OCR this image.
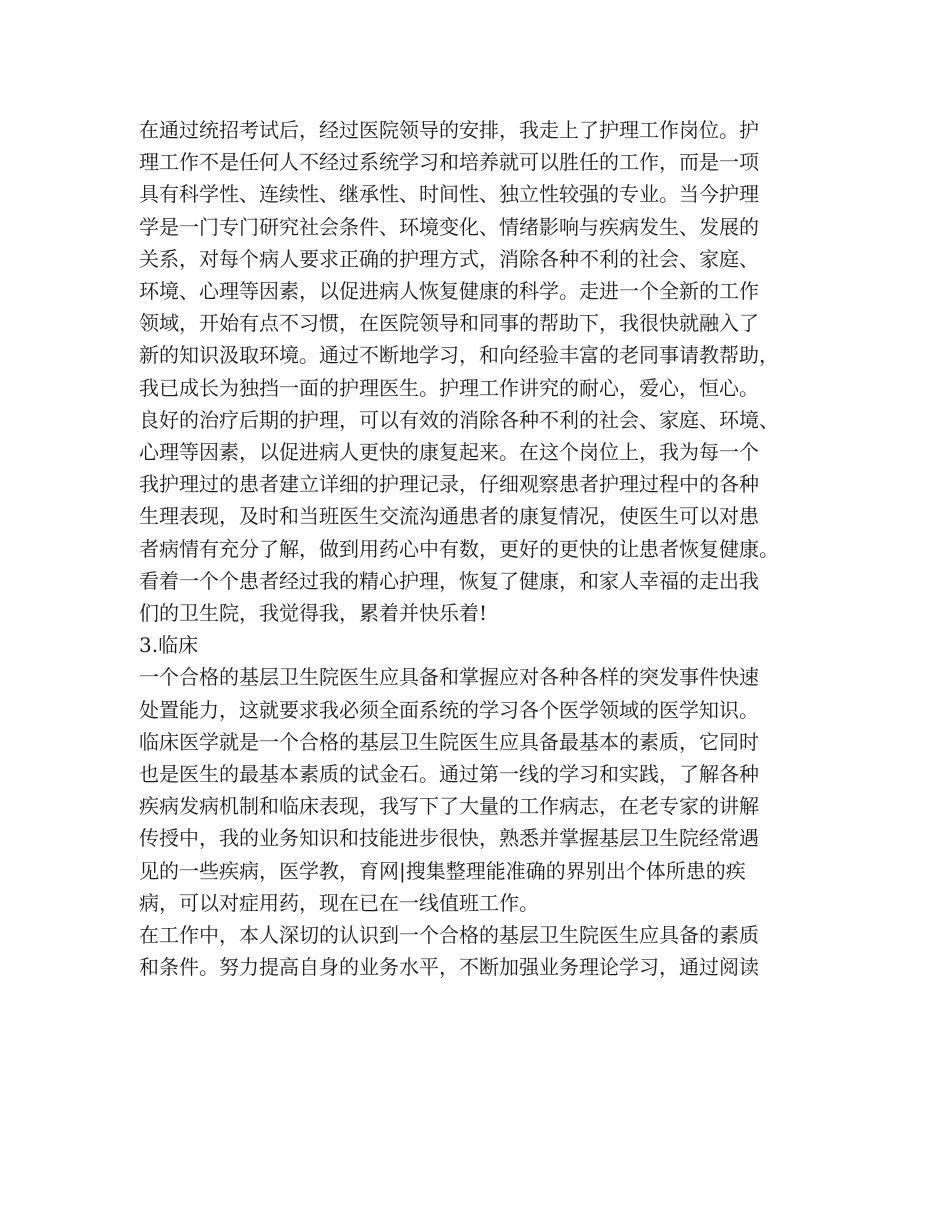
在通过统招考试后，经过医院领导的安排，我走上了护理工作岗位。护

理工作不是任何人不经过系统学习和培养就可以胜任的工作，而是一项

具有科学性、连续性、继承性、时间性、独立性较强的专业。当今护理

学是一门专门研究社会条件、环境变化、情绪影响与疾病发生、发展的

关系，对每个病人要求正确的护理方式，消除各种不利的社会、家庭、

环境、心理等因素，以促进病人恢复健康的科学。走进一个全新的工作

领域，开始有点不习惯，在医院领导和同事的帮助下，我很快就融入了

新的知识汲取环境。通过不断地学习，和向经验丰富的老同事请教帮助，

我已成长为独挡一面的护理医生。护理工作讲究的耐心，爱心，恒心。

良好的治疗后期的护理，可以有效的消除各种不利的社会、家庭、环境、

心理等因素，以促进病人更快的康复起来。在这个岗位上，我为每一个

我护理过的患者建立详细的护理记录，仔细观察患者护理过程中的各种

生理表现，及时和当班医生交流沟通患者的康复情况，使医生可以对患

者病情有充分了解，做到用药心中有数，更好的更快的让患者恢复健康。

看着一个个患者经过我的精心护理，恢复了健康，和家人幸福的走出我

们的卫生院，我觉得我，累着并快乐着!

3.临床

一个合格的基层卫生院医生应具备和掌握应对各种各样的突发事件快速

处置能力，这就要求我必须全面系统的学习各个医学领域的医学知识。

临床医学就是一个合格的基层卫生院医生应具备最基本的素质，它同时

也是医生的最基本素质的试金石。通过第一线的学习和实践，了解各种

疾病发病机制和临床表现，我写下了大量的工作病志，在老专家的讲解

传授中，我的业务知识和技能进步很快，熟悉并掌握基层卫生院经常遇

见的一些疾病，医学教，育网|搜集整理能准确的界别出个体所患的疾

病，可以对症用药，现在已在一线值班工作。

在工作中，本人深切的认识到一个合格的基层卫生院医生应具备的素质

和条件。努力提高自身的业务水平，不断加强业务理论学习，通过阅读
